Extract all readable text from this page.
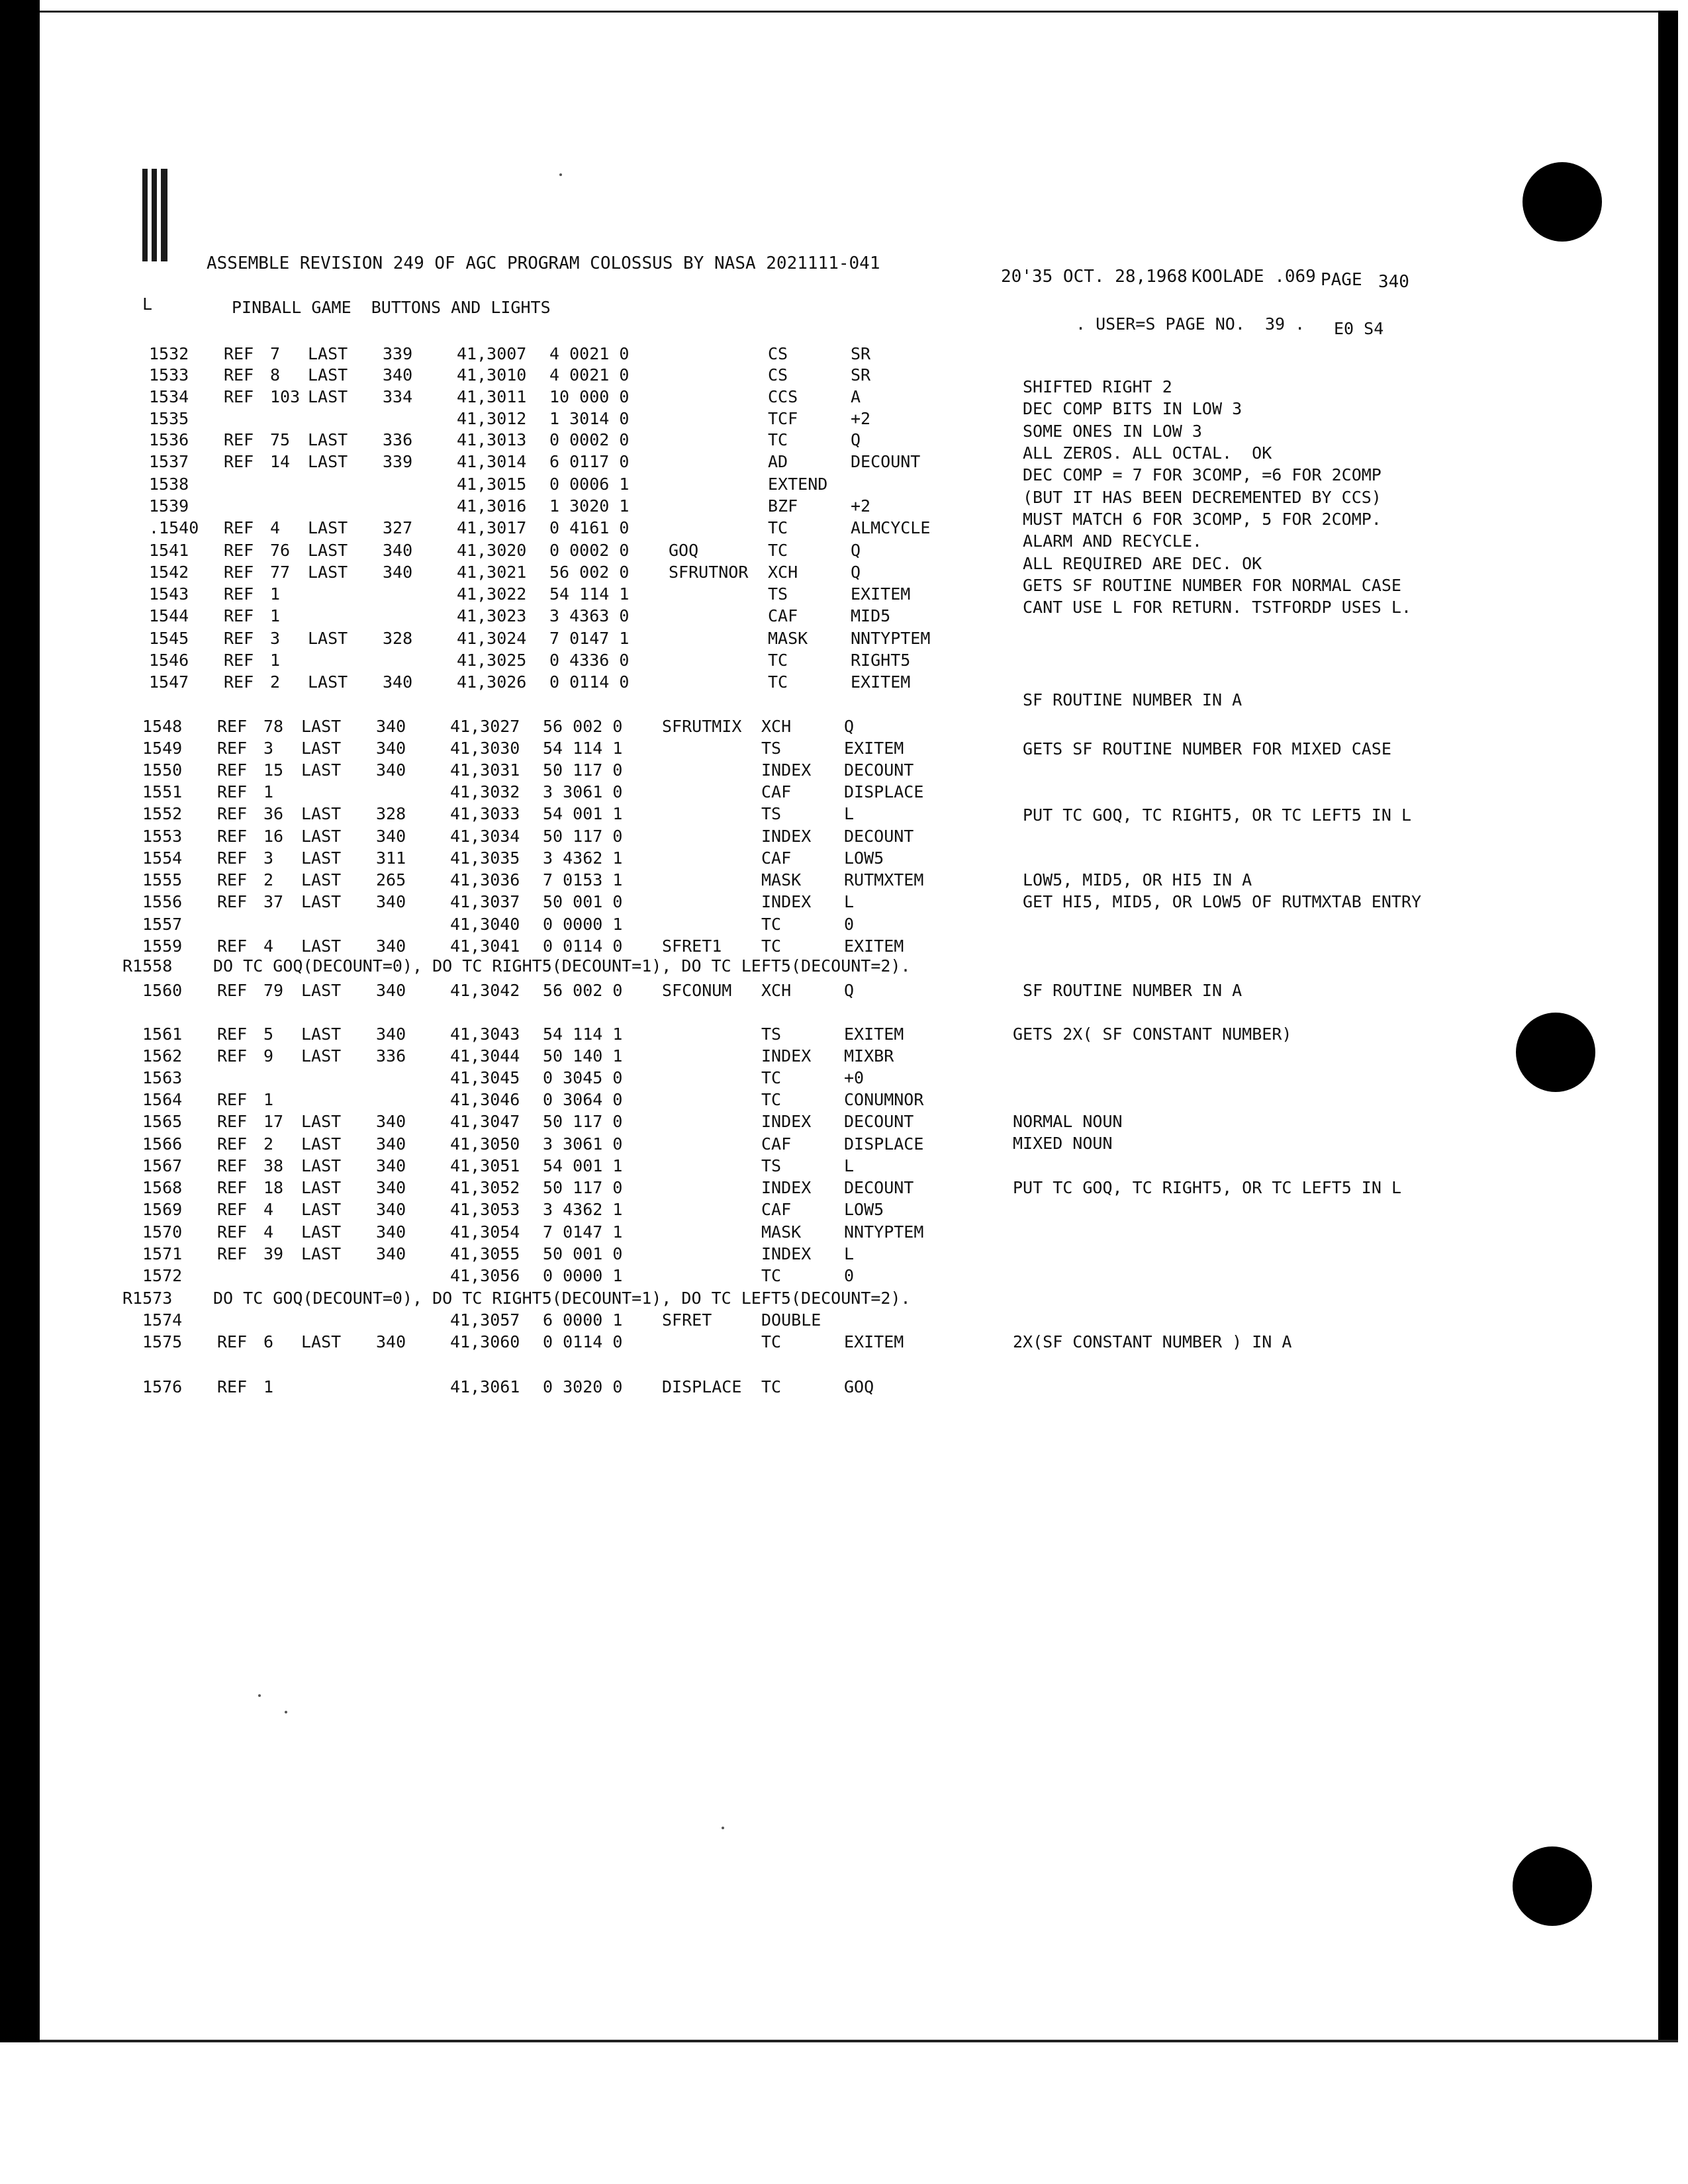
ASSEMBLE REVISION 249 OF AGC PROGRAM COLOSSUS BY NASA 2021111-041
20'35 OCT. 28,1968 KOOLADE .069 PAGE 340
L	PINBALL GAME  BUTTONS AND LIGHTS
. USER=S PAGE NO.  39 . E0 S4
1532 REF 7 LAST 339	41,3007 4 0021 0	CS	SR
1533 REF 8 LAST 340	41,3010 4 0021 0	CS	SR
SHIFTED RIGHT 2
1534 REF 103 LAST 334	41,3011 10 000 0	CCS	A
DEC COMP BITS IN LOW 3
1535	41,3012 1 3014 0	TCF	+2
SOME ONES IN LOW 3
1536 REF 75 LAST 336	41,3013 0 0002 0	TC	Q
ALL ZEROS. ALL OCTAL.  OK
1537 REF 14 LAST 339	41,3014 6 0117 0	AD	DECOUNT
DEC COMP = 7 FOR 3COMP, =6 FOR 2COMP
1538	41,3015 0 0006 1	EXTEND
(BUT IT HAS BEEN DECREMENTED BY CCS)
1539	41,3016 1 3020 1	BZF	+2
MUST MATCH 6 FOR 3COMP, 5 FOR 2COMP.
.1540 REF 4 LAST 327	41,3017 0 4161 0	TC	ALMCYCLE
ALARM AND RECYCLE.
1541 REF 76 LAST 340	41,3020 0 0002 0 GOQ	TC	Q
ALL REQUIRED ARE DEC. OK
1542 REF 77 LAST 340	41,3021 56 002 0 SFRUTNOR XCH	Q
GETS SF ROUTINE NUMBER FOR NORMAL CASE
1543 REF 1	41,3022 54 114 1	TS	EXITEM
CANT USE L FOR RETURN. TSTFORDP USES L.
1544 REF 1	41,3023 3 4363 0	CAF	MID5
1545 REF 3 LAST 328	41,3024 7 0147 1	MASK	NNTYPTEM
1546 REF 1	41,3025 0 4336 0	TC	RIGHT5
1547 REF 2 LAST 340	41,3026 0 0114 0	TC	EXITEM
SF ROUTINE NUMBER IN A
1548 REF 78 LAST 340	41,3027 56 002 0 SFRUTMIX XCH	Q
GETS SF ROUTINE NUMBER FOR MIXED CASE
1549 REF 3 LAST 340	41,3030 54 114 1	TS	EXITEM
1550 REF 15 LAST 340	41,3031 50 117 0	INDEX DECOUNT
1551 REF 1	41,3032 3 3061 0	CAF	DISPLACE
PUT TC GOQ, TC RIGHT5, OR TC LEFT5 IN L
1552 REF 36 LAST 328	41,3033 54 001 1	TS	L
1553 REF 16 LAST 340	41,3034 50 117 0	INDEX DECOUNT
1554 REF 3 LAST 311	41,3035 3 4362 1	CAF	LOW5
LOW5, MID5, OR HI5 IN A
1555 REF 2 LAST 265	41,3036 7 0153 1	MASK	RUTMXTEM
GET HI5, MID5, OR LOW5 OF RUTMXTAB ENTRY
1556 REF 37 LAST 340	41,3037 50 001 0	INDEX L
1557	41,3040 0 0000 1	TC	0
1559 REF 4 LAST 340	41,3041 0 0114 0 SFRET1 TC	EXITEM
SF ROUTINE NUMBER IN A
1560 REF 79 LAST 340	41,3042 56 002 0 SFCONUM XCH	Q
GETS 2X( SF CONSTANT NUMBER)
1561 REF 5 LAST 340	41,3043 54 114 1	TS	EXITEM
1562 REF 9 LAST 336	41,3044 50 140 1	INDEX MIXBR
1563	41,3045 0 3045 0	TC	+0
1564 REF 1	41,3046 0 3064 0	TC	CONUMNOR
NORMAL NOUN
1565 REF 17 LAST 340	41,3047 50 117 0	INDEX DECOUNT
MIXED NOUN
1566 REF 2 LAST 340	41,3050 3 3061 0	CAF	DISPLACE
1567 REF 38 LAST 340	41,3051 54 001 1	TS	L
PUT TC GOQ, TC RIGHT5, OR TC LEFT5 IN L
1568 REF 18 LAST 340	41,3052 50 117 0	INDEX DECOUNT
1569 REF 4 LAST 340	41,3053 3 4362 1	CAF	LOW5
1570 REF 4 LAST 340	41,3054 7 0147 1	MASK	NNTYPTEM
1571 REF 39 LAST 340	41,3055 50 001 0	INDEX L
1572	41,3056 0 0000 1	TC	0
1574	41,3057 6 0000 1 SFRET	DOUBLE
2X(SF CONSTANT NUMBER ) IN A
1575 REF 6 LAST 340	41,3060 0 0114 0	TC	EXITEM
1576 REF 1	41,3061 0 3020 0 DISPLACE TC	GOQ
R1558 DO TC GOQ(DECOUNT=0), DO TC RIGHT5(DECOUNT=1), DO TC LEFT5(DECOUNT=2).
R1573 DO TC GOQ(DECOUNT=0), DO TC RIGHT5(DECOUNT=1), DO TC LEFT5(DECOUNT=2).
